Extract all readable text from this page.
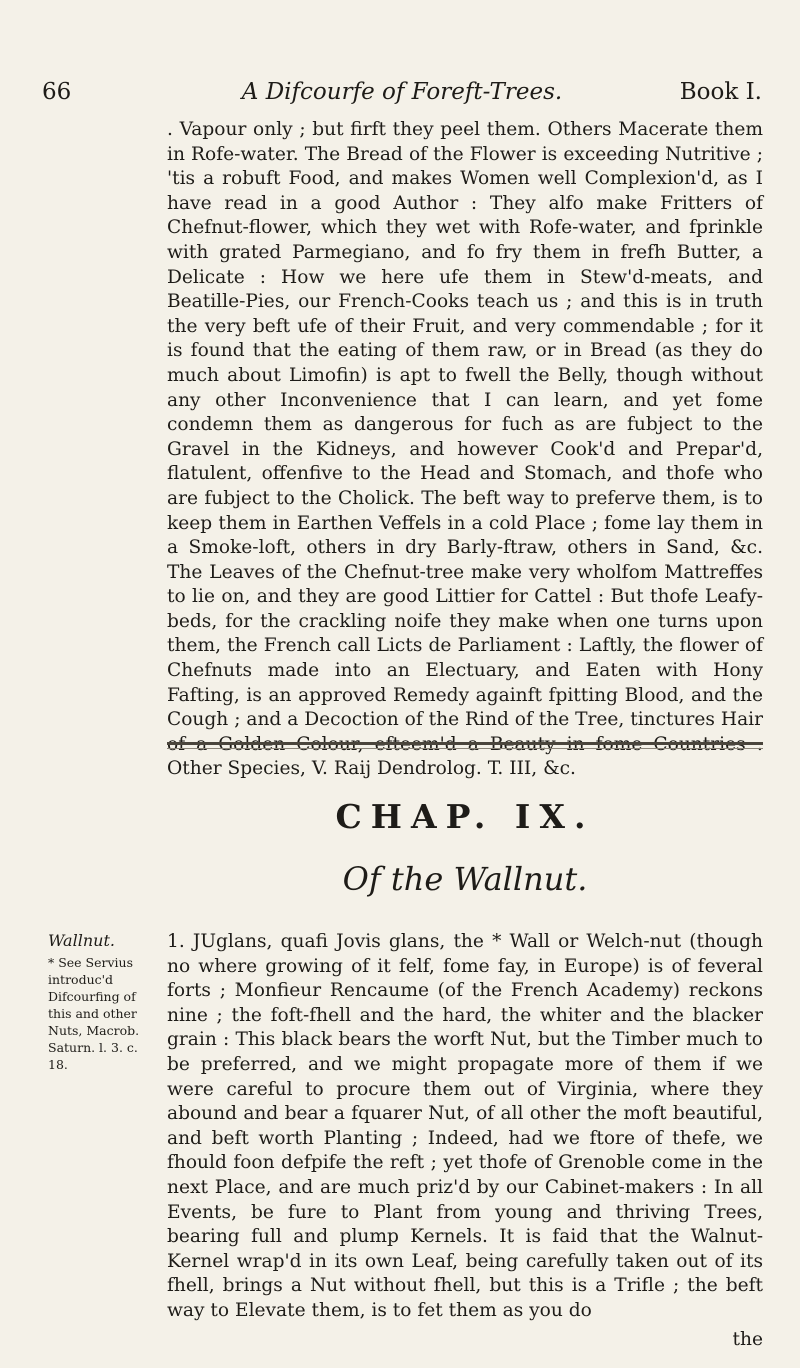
66	A Difcourfe of Foreft-Trees.	Book I.

. Vapour only ; but firft they peel them. Others Macerate them in Rofe-water. The Bread of the Flower is exceeding Nutritive ; 'tis a robuft Food, and makes Women well Complexion'd, as I have read in a good Author : They alfo make Fritters of Chefnut-flower, which they wet with Rofe-water, and fprinkle with grated Parmegiano, and fo fry them in frefh Butter, a Delicate : How we here ufe them in Stew'd-meats, and Beatille-Pies, our French-Cooks teach us ; and this is in truth the very beft ufe of their Fruit, and very commendable ; for it is found that the eating of them raw, or in Bread (as they do much about Limofin) is apt to fwell the Belly, though without any other Inconvenience that I can learn, and yet fome condemn them as dangerous for fuch as are fubject to the Gravel in the Kidneys, and however Cook'd and Prepar'd, flatulent, offenfive to the Head and Stomach, and thofe who are fubject to the Cholick. The beft way to preferve them, is to keep them in Earthen Veffels in a cold Place ; fome lay them in a Smoke-loft, others in dry Barly-ftraw, others in Sand, &c. The Leaves of the Chefnut-tree make very wholfom Mattreffes to lie on, and they are good Littier for Cattel : But thofe Leafy-beds, for the crackling noife they make when one turns upon them, the French call Licts de Parliament : Laftly, the flower of Chefnuts made into an Electuary, and Eaten with Hony Fafting, is an approved Remedy againft fpitting Blood, and the Cough ; and a Decoction of the Rind of the Tree, tinctures Hair of a Golden Colour, efteem'd a Beauty in fome Countries : Other Species, V. Raij Dendrolog. T. III, &c.

CHAP. IX.
Of the Wallnut.
Wallnut.
* See Servius introduc'd Difcourfing of this and other Nuts, Macrob. Saturn. l. 3. c. 18.

1. JUglans, quafi Jovis glans, the * Wall or Welch-nut (though no where growing of it felf, fome fay, in Europe) is of feveral forts ; Monfieur Rencaume (of the French Academy) reckons nine ; the foft-fhell and the hard, the whiter and the blacker grain : This black bears the worft Nut, but the Timber much to be preferred, and we might propagate more of them if we were careful to procure them out of Virginia, where they abound and bear a fquarer Nut, of all other the moft beautiful, and beft worth Planting ; Indeed, had we ftore of thefe, we fhould foon defpife the reft ; yet thofe of Grenoble come in the next Place, and are much priz'd by our Cabinet-makers : In all Events, be fure to Plant from young and thriving Trees, bearing full and plump Kernels. It is faid that the Walnut-Kernel wrap'd in its own Leaf, being carefully taken out of its fhell, brings a Nut without fhell, but this is a Trifle ; the beft way to Elevate them, is to fet them as you do

the
